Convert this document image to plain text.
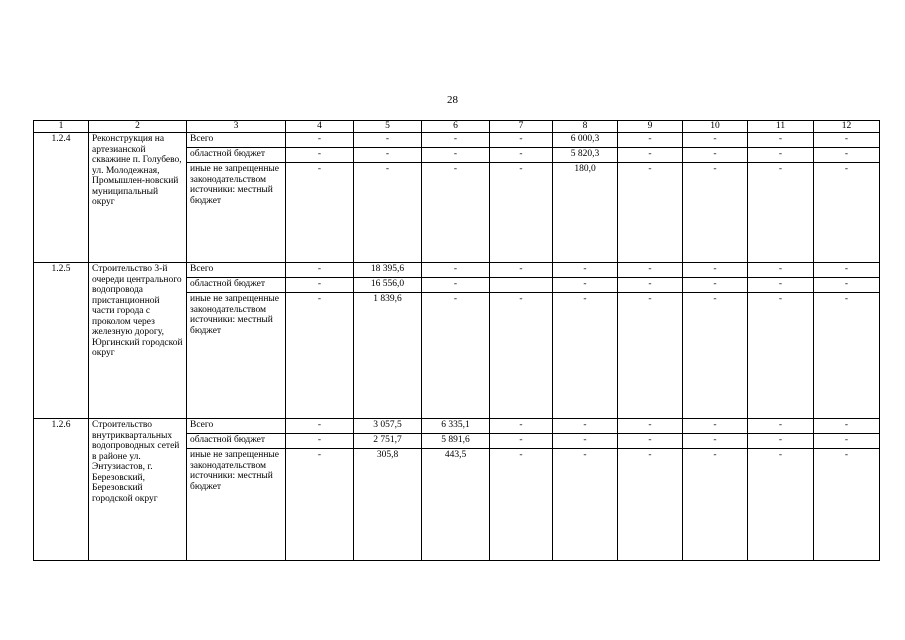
28
1	2	3	4	5	6	7	8	9	10	11	12
1.2.4	Реконструкция на артезианской скважине п. Голубево, ул. Молодежная, Промышлен-новский муниципальный округ	Всего	-	-	-	-	6 000,3	-	-	-	-
		областной бюджет	-	-	-	-	5 820,3	-	-	-	-
		иные не запрещенные законодательством источники: местный бюджет	-	-	-	-	180,0	-	-	-	-
1.2.5	Строительство 3-й очереди центрального водопровода пристанционной части города с проколом через железную дорогу, Юргинский городской округ	Всего	-	18 395,6	-	-	-	-	-	-	-
		областной бюджет	-	16 556,0	-		-	-	-	-	-
		иные не запрещенные законодательством источники: местный бюджет	-	1 839,6	-	-	-	-	-	-	-
1.2.6	Строительство внутриквартальных водопроводных сетей в районе ул. Энтузиастов, г. Березовский, Березовский городской округ	Всего	-	3 057,5	6 335,1	-	-	-	-	-	-
		областной бюджет	-	2 751,7	5 891,6	-	-	-	-	-	-
		иные не запрещенные законодательством источники: местный бюджет	-	305,8	443,5	-	-	-	-	-	-
